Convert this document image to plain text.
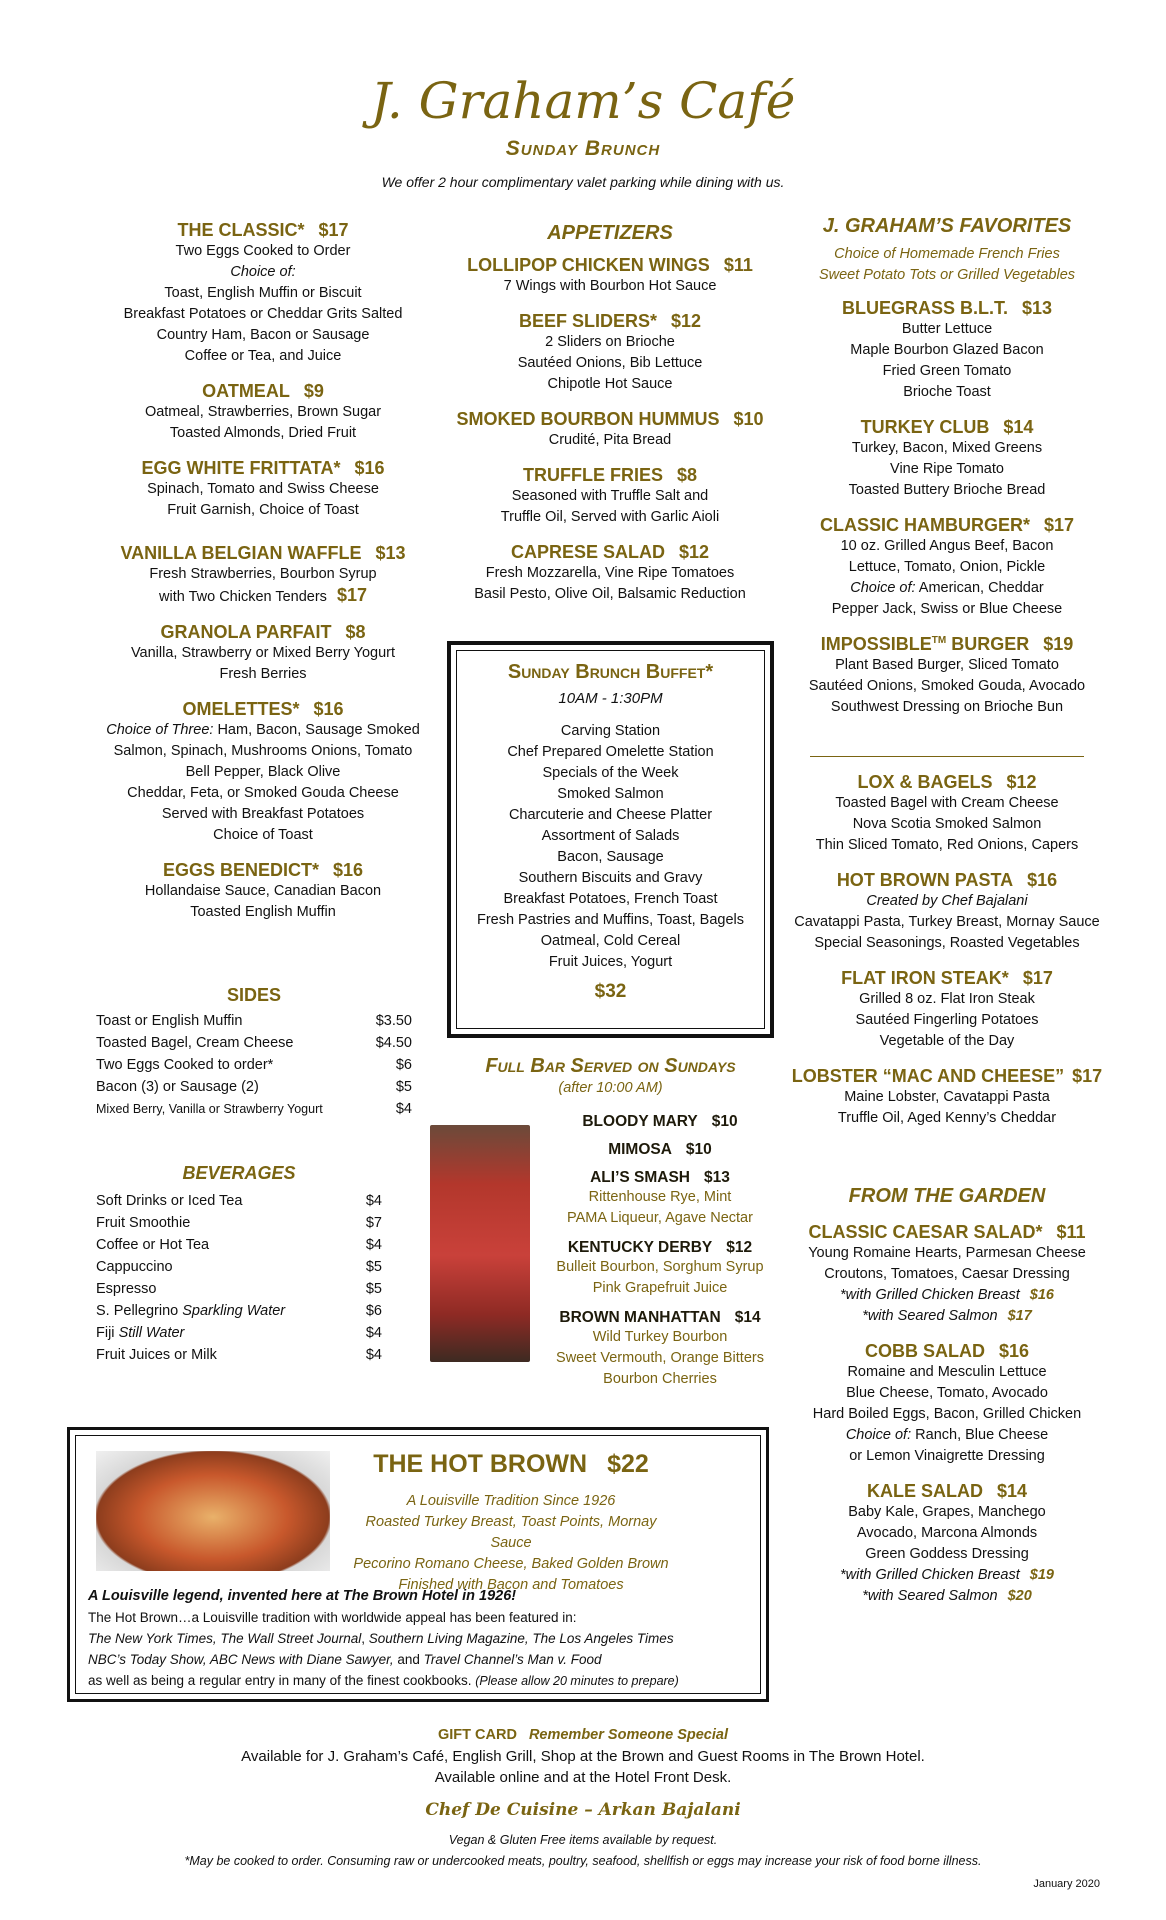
J. Graham’s Café
Sunday Brunch
We offer 2 hour complimentary valet parking while dining with us.

THE CLASSIC* $17

Two Eggs Cooked to Order

Choice of:

Toast, English Muffin or Biscuit

Breakfast Potatoes or Cheddar Grits Salted

Country Ham, Bacon or Sausage

Coffee or Tea, and Juice

OATMEAL $9

Oatmeal, Strawberries, Brown Sugar

Toasted Almonds, Dried Fruit

EGG WHITE FRITTATA* $16

Spinach, Tomato and Swiss Cheese

Fruit Garnish, Choice of Toast

VANILLA BELGIAN WAFFLE $13

Fresh Strawberries, Bourbon Syrup

with Two Chicken Tenders $17

GRANOLA PARFAIT $8

Vanilla, Strawberry or Mixed Berry Yogurt

Fresh Berries

OMELETTES* $16

Choice of Three: Ham, Bacon, Sausage Smoked

Salmon, Spinach, Mushrooms Onions, Tomato

Bell Pepper, Black Olive

Cheddar, Feta, or Smoked Gouda Cheese

Served with Breakfast Potatoes

Choice of Toast

EGGS BENEDICT* $16

Hollandaise Sauce, Canadian Bacon

Toasted English Muffin

SIDES

Toast or English Muffin	$3.50
Toasted Bagel, Cream Cheese	$4.50
Two Eggs Cooked to order*	$6
Bacon (3) or Sausage (2)	$5
Mixed Berry, Vanilla or Strawberry Yogurt	$4

BEVERAGES

Soft Drinks or Iced Tea	$4
Fruit Smoothie	$7
Coffee or Hot Tea	$4
Cappuccino	$5
Espresso	$5
S. Pellegrino Sparkling Water	$6
Fiji Still Water	$4
Fruit Juices or Milk	$4

APPETIZERS

LOLLIPOP CHICKEN WINGS $11

7 Wings with Bourbon Hot Sauce

BEEF SLIDERS* $12

2 Sliders on Brioche

Sautéed Onions, Bib Lettuce

Chipotle Hot Sauce

SMOKED BOURBON HUMMUS $10

Crudité, Pita Bread

TRUFFLE FRIES $8

Seasoned with Truffle Salt and

Truffle Oil, Served with Garlic Aioli

CAPRESE SALAD $12

Fresh Mozzarella, Vine Ripe Tomatoes

Basil Pesto, Olive Oil, Balsamic Reduction

Sunday Brunch Buffet*

10AM - 1:30PM

Carving Station

Chef Prepared Omelette Station

Specials of the Week

Smoked Salmon

Charcuterie and Cheese Platter

Assortment of Salads

Bacon, Sausage

Southern Biscuits and Gravy

Breakfast Potatoes, French Toast

Fresh Pastries and Muffins, Toast, Bagels

Oatmeal, Cold Cereal

Fruit Juices, Yogurt

$32

Full Bar Served on Sundays

(after 10:00 AM)

BLOODY MARY $10

MIMOSA $10

ALI’S SMASH $13

Rittenhouse Rye, Mint

PAMA Liqueur, Agave Nectar

KENTUCKY DERBY $12

Bulleit Bourbon, Sorghum Syrup

Pink Grapefruit Juice

BROWN MANHATTAN $14

Wild Turkey Bourbon

Sweet Vermouth, Orange Bitters

Bourbon Cherries

J. GRAHAM’S FAVORITES

Choice of Homemade French Fries

Sweet Potato Tots or Grilled Vegetables

BLUEGRASS B.L.T. $13

Butter Lettuce

Maple Bourbon Glazed Bacon

Fried Green Tomato

Brioche Toast

TURKEY CLUB $14

Turkey, Bacon, Mixed Greens

Vine Ripe Tomato

Toasted Buttery Brioche Bread

CLASSIC HAMBURGER* $17

10 oz. Grilled Angus Beef, Bacon

Lettuce, Tomato, Onion, Pickle

Choice of: American, Cheddar

Pepper Jack, Swiss or Blue Cheese

IMPOSSIBLE™ BURGER $19

Plant Based Burger, Sliced Tomato

Sautéed Onions, Smoked Gouda, Avocado

Southwest Dressing on Brioche Bun

LOX & BAGELS $12

Toasted Bagel with Cream Cheese

Nova Scotia Smoked Salmon

Thin Sliced Tomato, Red Onions, Capers

HOT BROWN PASTA $16

Created by Chef Bajalani

Cavatappi Pasta, Turkey Breast, Mornay Sauce

Special Seasonings, Roasted Vegetables

FLAT IRON STEAK* $17

Grilled 8 oz. Flat Iron Steak

Sautéed Fingerling Potatoes

Vegetable of the Day

LOBSTER “MAC AND CHEESE” $17

Maine Lobster, Cavatappi Pasta

Truffle Oil, Aged Kenny’s Cheddar

FROM THE GARDEN

CLASSIC CAESAR SALAD* $11

Young Romaine Hearts, Parmesan Cheese

Croutons, Tomatoes, Caesar Dressing

*with Grilled Chicken Breast $16

*with Seared Salmon $17

COBB SALAD $16

Romaine and Mesculin Lettuce

Blue Cheese, Tomato, Avocado

Hard Boiled Eggs, Bacon, Grilled Chicken

Choice of: Ranch, Blue Cheese

or Lemon Vinaigrette Dressing

KALE SALAD $14

Baby Kale, Grapes, Manchego

Avocado, Marcona Almonds

Green Goddess Dressing

*with Grilled Chicken Breast $19

*with Seared Salmon $20

THE HOT BROWN $22

A Louisville Tradition Since 1926

Roasted Turkey Breast, Toast Points, Mornay Sauce

Pecorino Romano Cheese, Baked Golden Brown

Finished with Bacon and Tomatoes

A Louisville legend, invented here at The Brown Hotel in 1926!

The Hot Brown…a Louisville tradition with worldwide appeal has been featured in:

The New York Times, The Wall Street Journal, Southern Living Magazine, The Los Angeles Times

NBC’s Today Show, ABC News with Diane Sawyer, and Travel Channel’s Man v. Food

as well as being a regular entry in many of the finest cookbooks. (Please allow 20 minutes to prepare)

GIFT CARD Remember Someone Special

Available for J. Graham’s Café, English Grill, Shop at the Brown and Guest Rooms in The Brown Hotel.

Available online and at the Hotel Front Desk.

Chef De Cuisine – Arkan Bajalani

Vegan & Gluten Free items available by request.

*May be cooked to order. Consuming raw or undercooked meats, poultry, seafood, shellfish or eggs may increase your risk of food borne illness.

January 2020
